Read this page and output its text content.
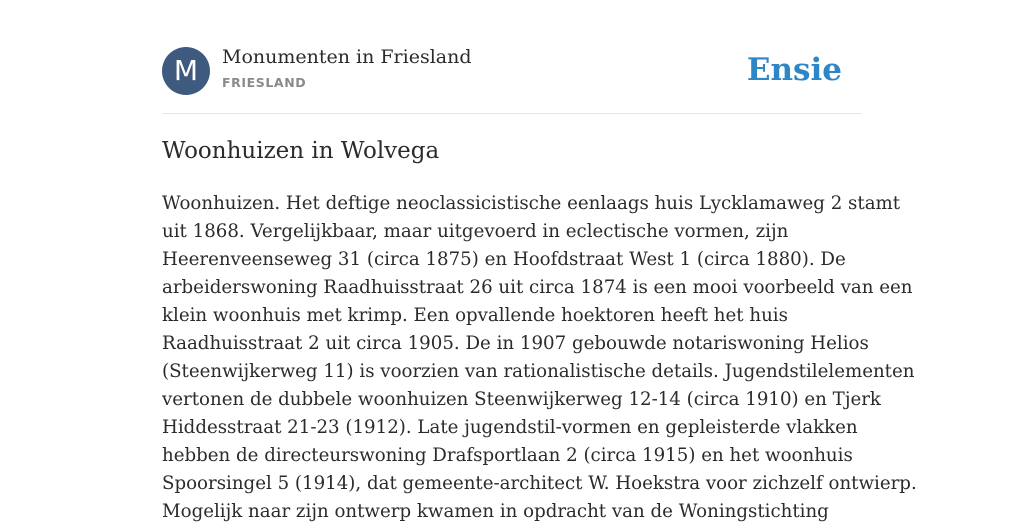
M	Monumenten in Friesland
FRIESLAND	Ensie
Woonhuizen in Wolvega

Woonhuizen. Het deftige neoclassicistische eenlaags huis Lycklamaweg 2 stamt
uit 1868. Vergelijkbaar, maar uitgevoerd in eclectische vormen, zijn
Heerenveenseweg 31 (circa 1875) en Hoofdstraat West 1 (circa 1880). De
arbeiderswoning Raadhuisstraat 26 uit circa 1874 is een mooi voorbeeld van een
klein woonhuis met krimp. Een opvallende hoektoren heeft het huis
Raadhuisstraat 2 uit circa 1905. De in 1907 gebouwde notariswoning Helios
(Steenwijkerweg 11) is voorzien van rationalistische details. Jugendstilelementen
vertonen de dubbele woonhuizen Steenwijkerweg 12-14 (circa 1910) en Tjerk
Hiddesstraat 21-23 (1912). Late jugendstil-vormen en gepleisterde vlakken
hebben de directeurswoning Drafsportlaan 2 (circa 1915) en het woonhuis
Spoorsingel 5 (1914), dat gemeente-architect W. Hoekstra voor zichzelf ontwierp.
Mogelijk naar zijn ontwerp kwamen in opdracht van de Woningstichting
